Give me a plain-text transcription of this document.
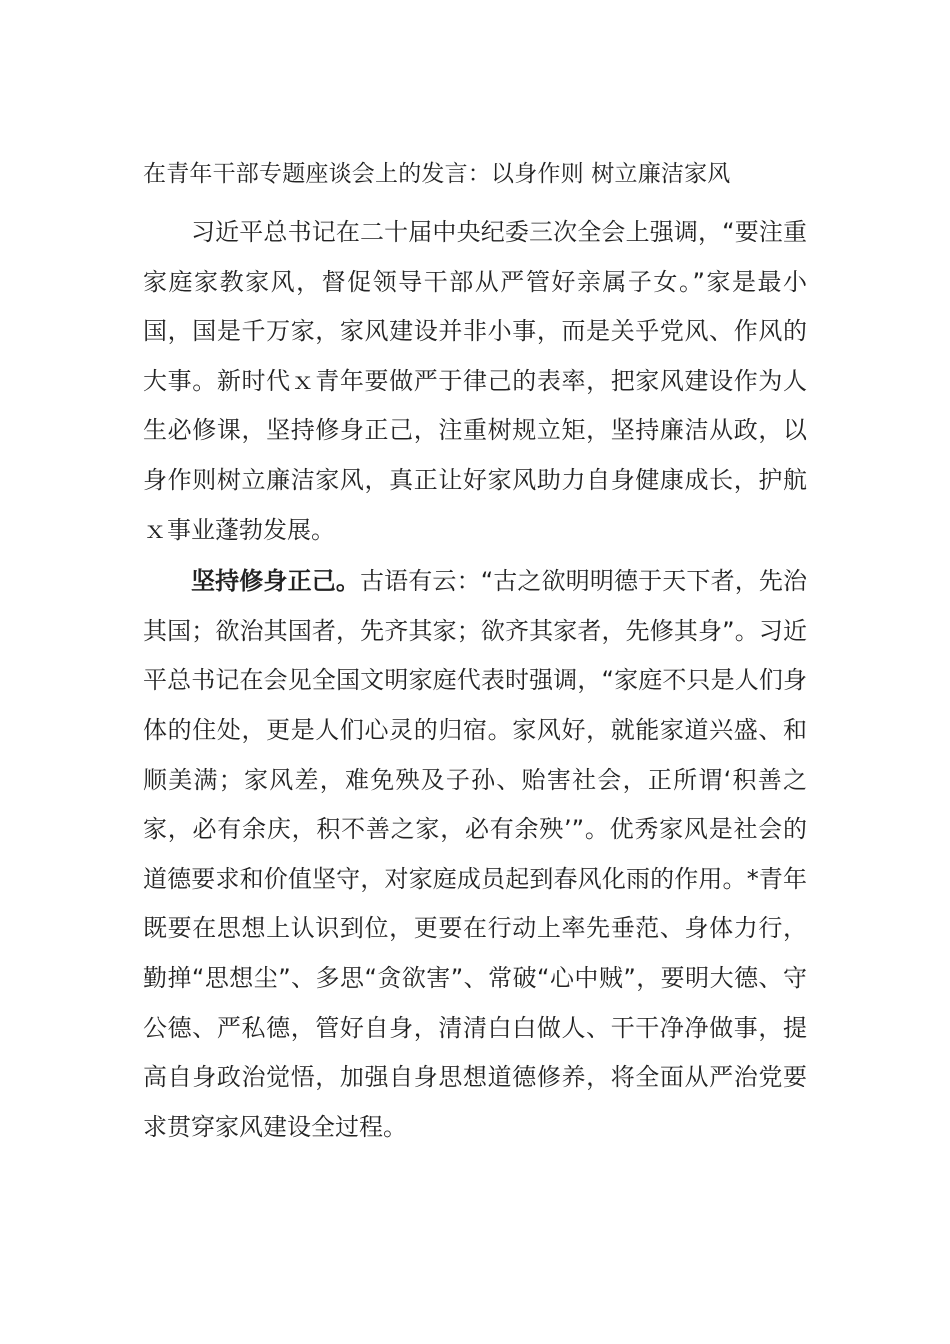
在青年干部专题座谈会上的发言：以身作则 树立廉洁家风

习近平总书记在二十届中央纪委三次全会上强调，“要注重家庭家教家风，督促领导干部从严管好亲属子女。”家是最小国，国是千万家，家风建设并非小事，而是关乎党风、作风的大事。新时代ｘ青年要做严于律己的表率，把家风建设作为人生必修课，坚持修身正己，注重树规立矩，坚持廉洁从政，以身作则树立廉洁家风，真正让好家风助力自身健康成长，护航ｘ事业蓬勃发展。

坚持修身正己。古语有云：“古之欲明明德于天下者，先治其国；欲治其国者，先齐其家；欲齐其家者，先修其身”。习近平总书记在会见全国文明家庭代表时强调，“家庭不只是人们身体的住处，更是人们心灵的归宿。家风好，就能家道兴盛、和顺美满；家风差，难免殃及子孙、贻害社会，正所谓‘积善之家，必有余庆，积不善之家，必有余殃’”。优秀家风是社会的道德要求和价值坚守，对家庭成员起到春风化雨的作用。*青年既要在思想上认识到位，更要在行动上率先垂范、身体力行，勤掸“思想尘”、多思“贪欲害”、常破“心中贼”，要明大德、守公德、严私德，管好自身，清清白白做人、干干净净做事，提高自身政治觉悟，加强自身思想道德修养，将全面从严治党要求贯穿家风建设全过程。
